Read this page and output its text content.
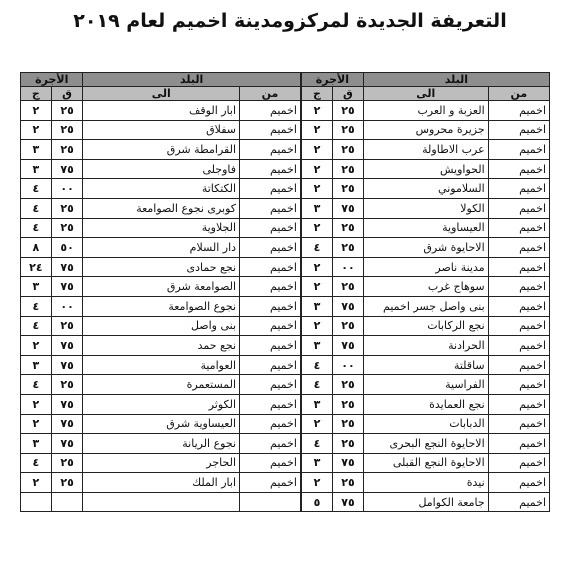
التعريفة الجديدة لمركزومدينة اخميم لعام ٢٠١٩
البلد		الأجرة		البلد		الأجرة	
من	الى	ق	ج	من	الى	ق	ج
اخميم	العزبة و العرب	٢٥	٢	اخميم	ابار الوقف	٢٥	٢
اخميم	جزيرة محروس	٢٥	٢	اخميم	سفلاق	٢٥	٢
اخميم	عرب الاطاولة	٢٥	٢	اخميم	القرامطة شرق	٢٥	٣
اخميم	الحواويش	٢٥	٢	اخميم	فاوجلى	٧٥	٣
اخميم	السلاموني	٢٥	٢	اخميم	الكتكاتة	٠٠	٤
اخميم	الكولا	٧٥	٣	اخميم	كوبرى نجوع الصوامعة	٢٥	٤
اخميم	العيساوية	٢٥	٢	اخميم	الجلاوية	٢٥	٤
اخميم	الاحايوة شرق	٢٥	٤	اخميم	دار السلام	٥٠	٨
اخميم	مدينة ناصر	٠٠	٢	اخميم	نجع حمادى	٧٥	٢٤
اخميم	سوهاج غرب	٢٥	٢	اخميم	الصوامعة شرق	٧٥	٣
اخميم	بنى واصل جسر اخميم	٧٥	٣	اخميم	نجوع الصوامعة	٠٠	٤
اخميم	نجع الركابات	٢٥	٢	اخميم	بنى واصل	٢٥	٤
اخميم	الحرادنة	٧٥	٣	اخميم	نجع حمد	٧٥	٢
اخميم	ساقلتة	٠٠	٤	اخميم	العوامية	٧٥	٣
اخميم	الفراسية	٢٥	٤	اخميم	المستعمرة	٢٥	٤
اخميم	نجع العمايدة	٢٥	٣	اخميم	الكوثر	٧٥	٢
اخميم	الدبابات	٢٥	٢	اخميم	العيساوية شرق	٧٥	٢
اخميم	الاحايوة النجع البحرى	٢٥	٤	اخميم	نجوع الريانة	٧٥	٣
اخميم	الاحايوة النجع القبلى	٧٥	٣	اخميم	الحاجر	٢٥	٤
اخميم	نيدة	٢٥	٢	اخميم	ابار الملك	٢٥	٢
اخميم	جامعة الكوامل	٧٥	٥				
